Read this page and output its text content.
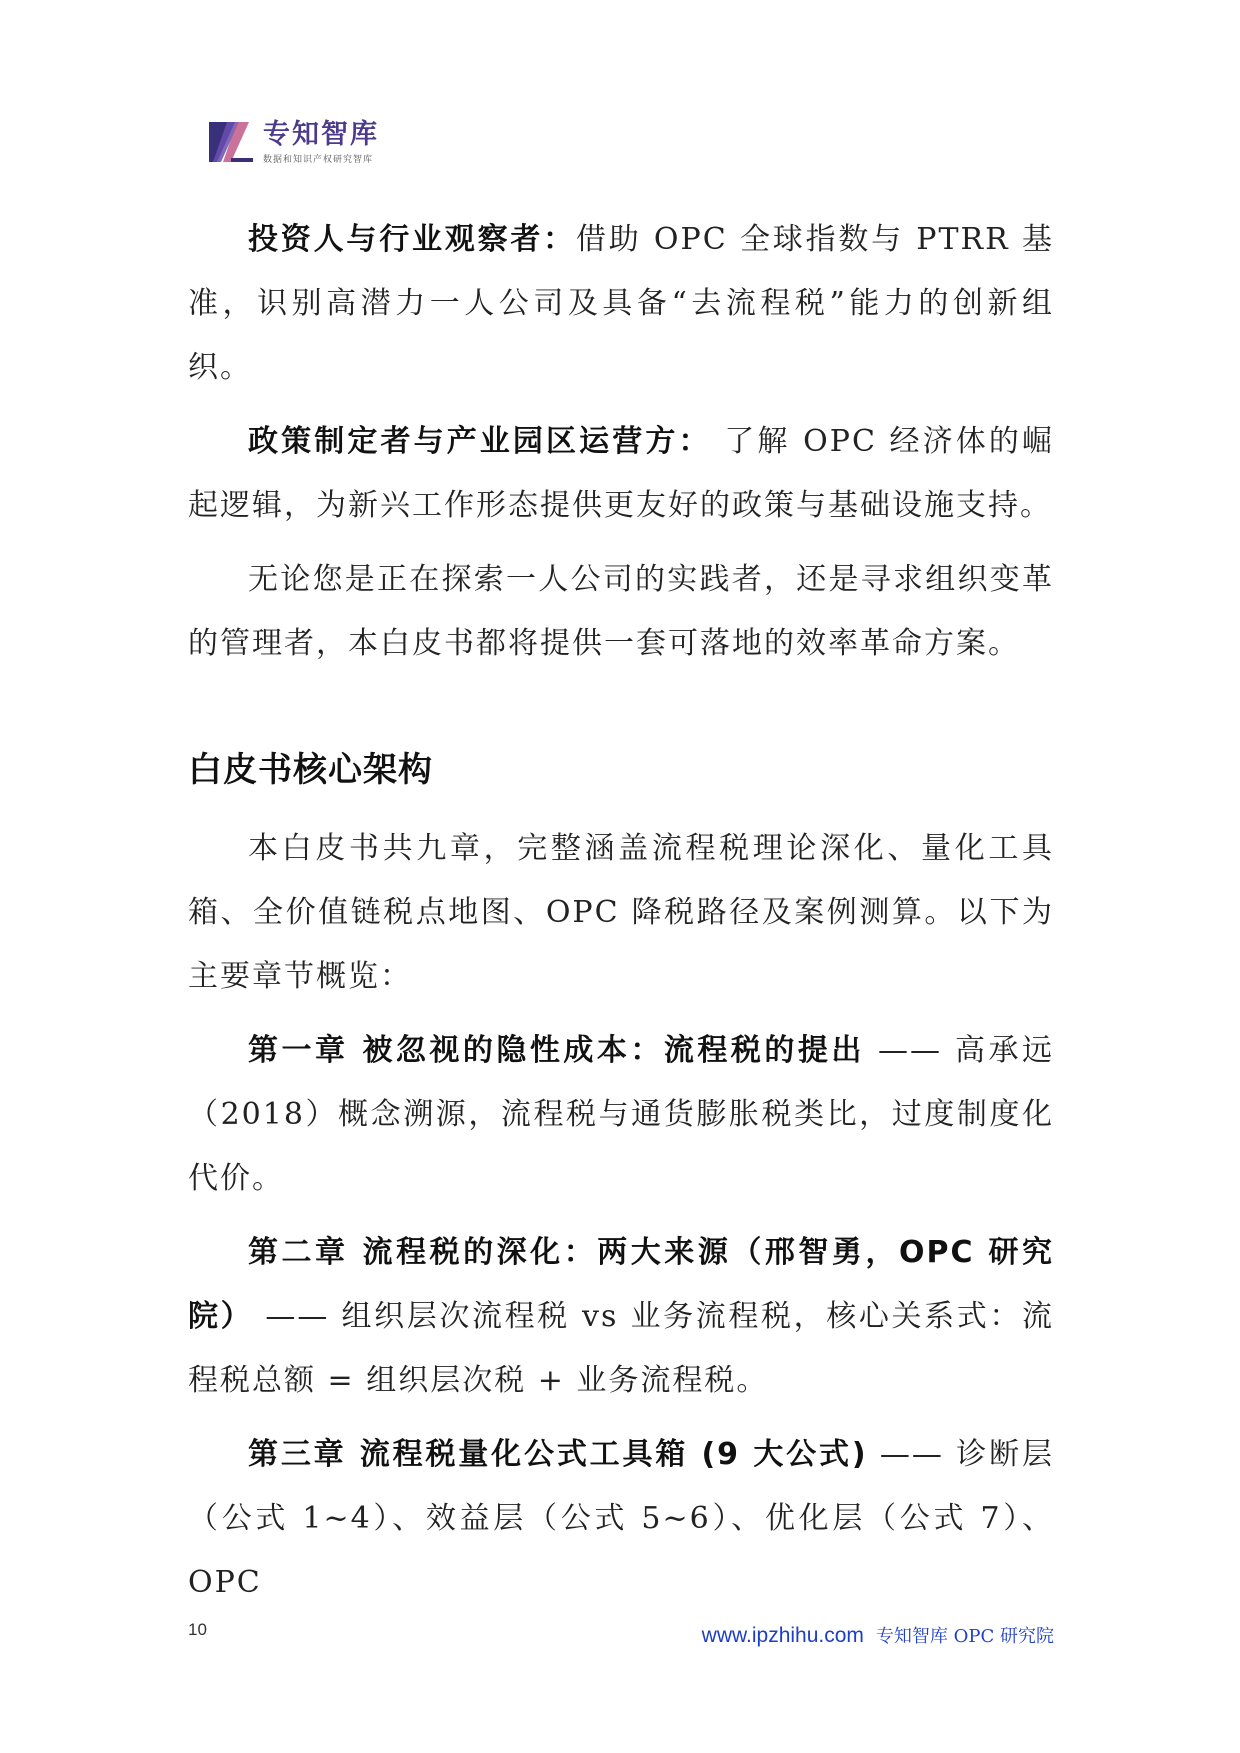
专知智库
数据和知识产权研究智库

投资人与行业观察者：借助 OPC 全球指数与 PTRR 基准，识别高潜力一人公司及具备“去流程税”能力的创新组织。

政策制定者与产业园区运营方： 了解 OPC 经济体的崛起逻辑，为新兴工作形态提供更友好的政策与基础设施支持。

无论您是正在探索一人公司的实践者，还是寻求组织变革的管理者，本白皮书都将提供一套可落地的效率革命方案。

白皮书核心架构

本白皮书共九章，完整涵盖流程税理论深化、量化工具箱、全价值链税点地图、OPC 降税路径及案例测算。以下为主要章节概览：

第一章 被忽视的隐性成本：流程税的提出 —— 高承远（2018）概念溯源，流程税与通货膨胀税类比，过度制度化代价。

第二章 流程税的深化：两大来源（邢智勇，OPC 研究院） —— 组织层次流程税 vs 业务流程税，核心关系式：流程税总额 = 组织层次税 + 业务流程税。

第三章 流程税量化公式工具箱 (9 大公式) —— 诊断层（公式 1~4）、效益层（公式 5~6）、优化层（公式 7）、OPC

10	www.ipzhihu.com 专知智库 OPC 研究院
